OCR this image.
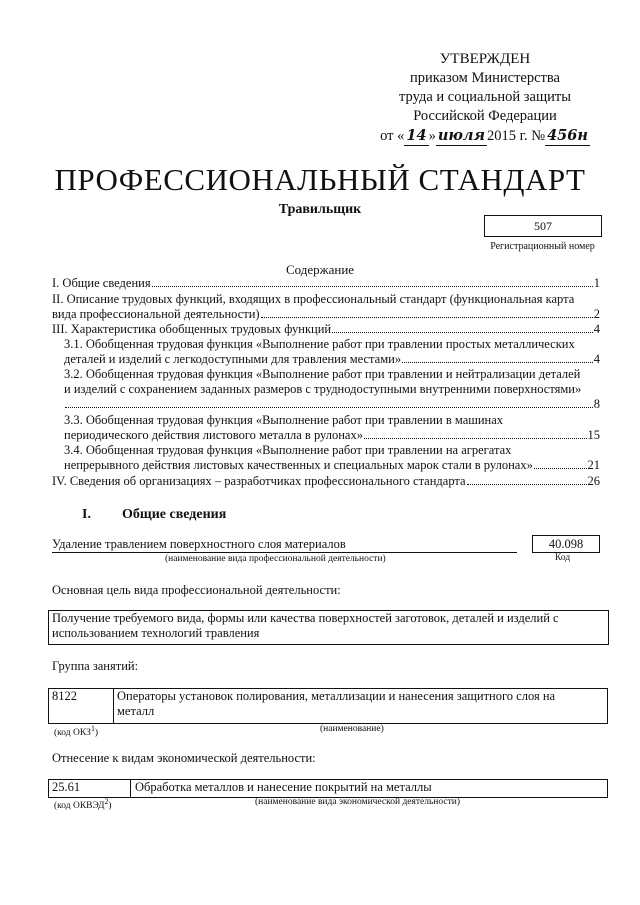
УТВЕРЖДЕН
приказом Министерства
труда и социальной защиты
Российской Федерации
от « 14 » июля 2015 г. № 456н
ПРОФЕССИОНАЛЬНЫЙ СТАНДАРТ
Травильщик
507
Регистрационный номер
Содержание
I. Общие сведения	1
II. Описание трудовых функций, входящих в профессиональный стандарт (функциональная карта
вида профессиональной деятельности)	2
III. Характеристика обобщенных трудовых функций	4
3.1. Обобщенная трудовая функция «Выполнение работ при травлении простых металлических
деталей и изделий с легкодоступными для травления местами»	4
3.2. Обобщенная трудовая функция «Выполнение работ при травлении и нейтрализации деталей
и изделий с сохранением заданных размеров с труднодоступными внутренними поверхностями»
8
3.3. Обобщенная трудовая функция «Выполнение работ при травлении в машинах
периодического действия листового металла в рулонах»	15
3.4. Обобщенная трудовая функция «Выполнение работ при травлении на агрегатах
непрерывного действия листовых качественных и специальных марок стали в рулонах»	21
IV. Сведения об организациях – разработчиках профессионального стандарта	26
I. Общие сведения
Удаление травлением поверхностного слоя материалов	40.098
(наименование вида профессиональной деятельности)	Код
Основная цель вида профессиональной деятельности:
Получение требуемого вида, формы или качества поверхностей заготовок, деталей и изделий с
использованием технологий травления
Группа занятий:
8122	Операторы установок полирования, металлизации и нанесения защитного слоя на
металл
(код ОКЗ$^1$)	(наименование)
Отнесение к видам экономической деятельности:
25.61	Обработка металлов и нанесение покрытий на металлы
(код ОКВЭД$^2$)	(наименование вида экономической деятельности)
